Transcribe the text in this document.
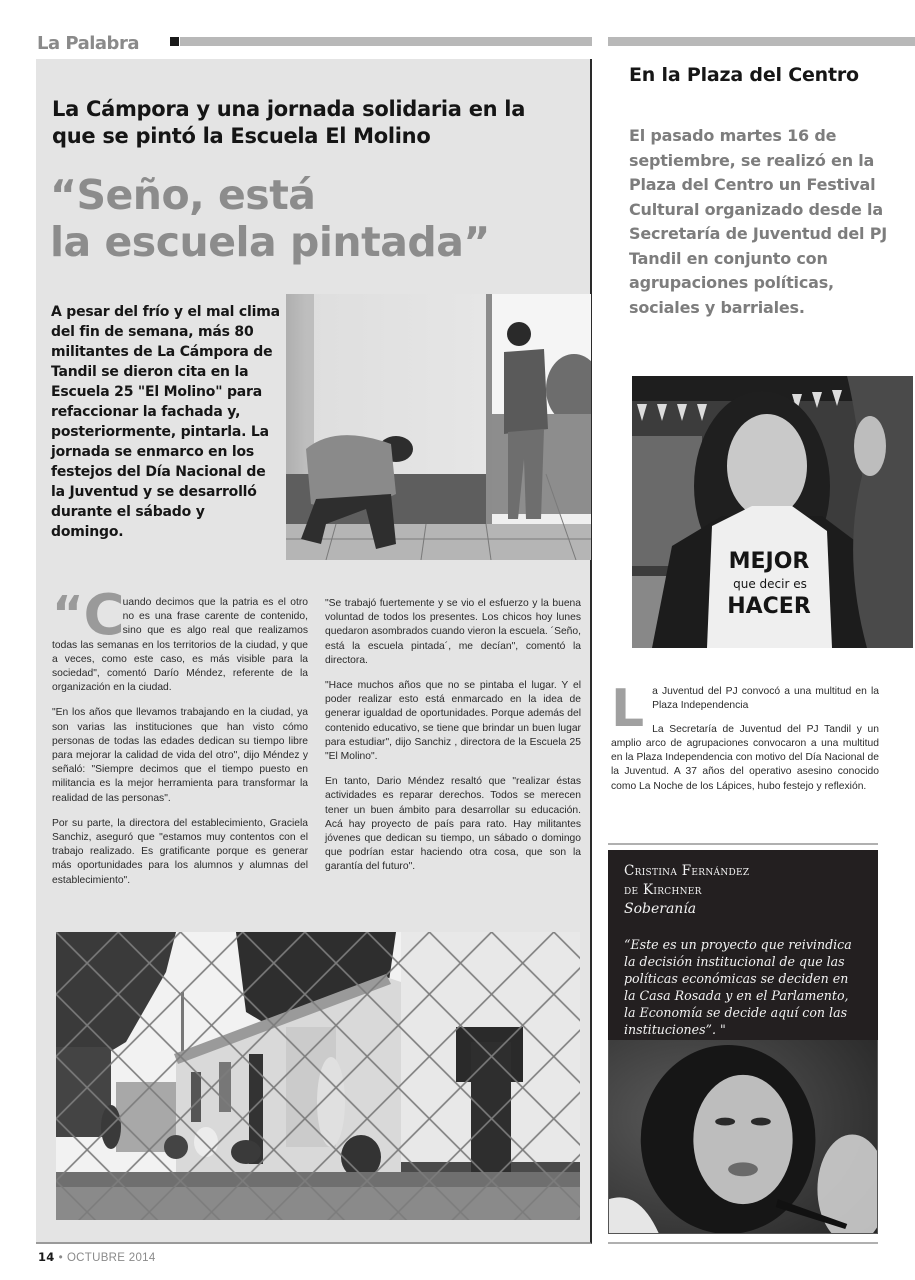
La Palabra
La Cámpora y una jornada solidaria en la que se pintó la Escuela El Molino
“Seño, está
la escuela pintada”
A pesar del frío y el mal clima del fin de semana, más 80 militantes de La Cámpora de Tandil se dieron cita en la Escuela 25 "El Molino" para refaccionar la fachada y, posteriormente, pintarla. La jornada se enmarco en los festejos del Día Nacional de la Juventud y se desarrolló durante el sábado y domingo.

“ C uando decimos que la patria es el otro no es una frase carente de contenido, sino que es algo real que realizamos todas las semanas en los territorios de la ciudad, y que a veces, como este caso, es más visible para la sociedad", comentó Darío Méndez, referente de la organización en la ciudad.

"En los años que llevamos trabajando en la ciudad, ya son varias las instituciones que han visto cómo personas de todas las edades dedican su tiempo libre para mejorar la calidad de vida del otro", dijo Méndez y señaló: "Siempre decimos que el tiempo puesto en militancia es la mejor herramienta para transformar la realidad de las personas".

Por su parte, la directora del establecimiento, Graciela Sanchiz, aseguró que "estamos muy contentos con el trabajo realizado. Es gratificante porque es generar más oportunidades para los alumnos y alumnas del establecimiento".

"Se trabajó fuertemente y se vio el esfuerzo y la buena voluntad de todos los presentes. Los chicos hoy lunes quedaron asombrados cuando vieron la escuela. ´Seño, está la escuela pintada´, me decían", comentó la directora.

"Hace muchos años que no se pintaba el lugar. Y el poder realizar esto está enmarcado en la idea de generar igualdad de oportunidades. Porque además del contenido educativo, se tiene que brindar un buen lugar para estudiar", dijo Sanchiz , directora de la Escuela 25 "El Molino".

En tanto, Dario Méndez resaltó que "realizar éstas actividades es reparar derechos. Todos se merecen tener un buen ámbito para desarrollar su educación. Acá hay proyecto de país para rato. Hay militantes jóvenes que dedican su tiempo, un sábado o domingo que podrían estar haciendo otra cosa, que son la garantía del futuro".

En la Plaza del Centro
El pasado martes 16 de septiembre, se realizó en la Plaza del Centro un Festival Cultural organizado desde la Secretaría de Juventud del PJ Tandil en conjunto con agrupaciones políticas, sociales y barriales.
MEJOR
que decir es
HACER

La Juventud del PJ convocó a una multitud en la Plaza Independencia

La Secretaría de Juventud del PJ Tandil y un amplio arco de agrupaciones convocaron a una multitud en la Plaza Independencia con motivo del Día Nacional de la Juventud. A 37 años del operativo asesino conocido como La Noche de los Lápices, hubo festejo y reflexión.

Cristina Fernández
de Kirchner
Soberanía
“Este es un proyecto que reivindica la decisión institucional de que las políticas económicas se deciden en la Casa Rosada y en el Parlamento, la Economía se decide aquí con las instituciones”. "
14 • OCTUBRE 2014
